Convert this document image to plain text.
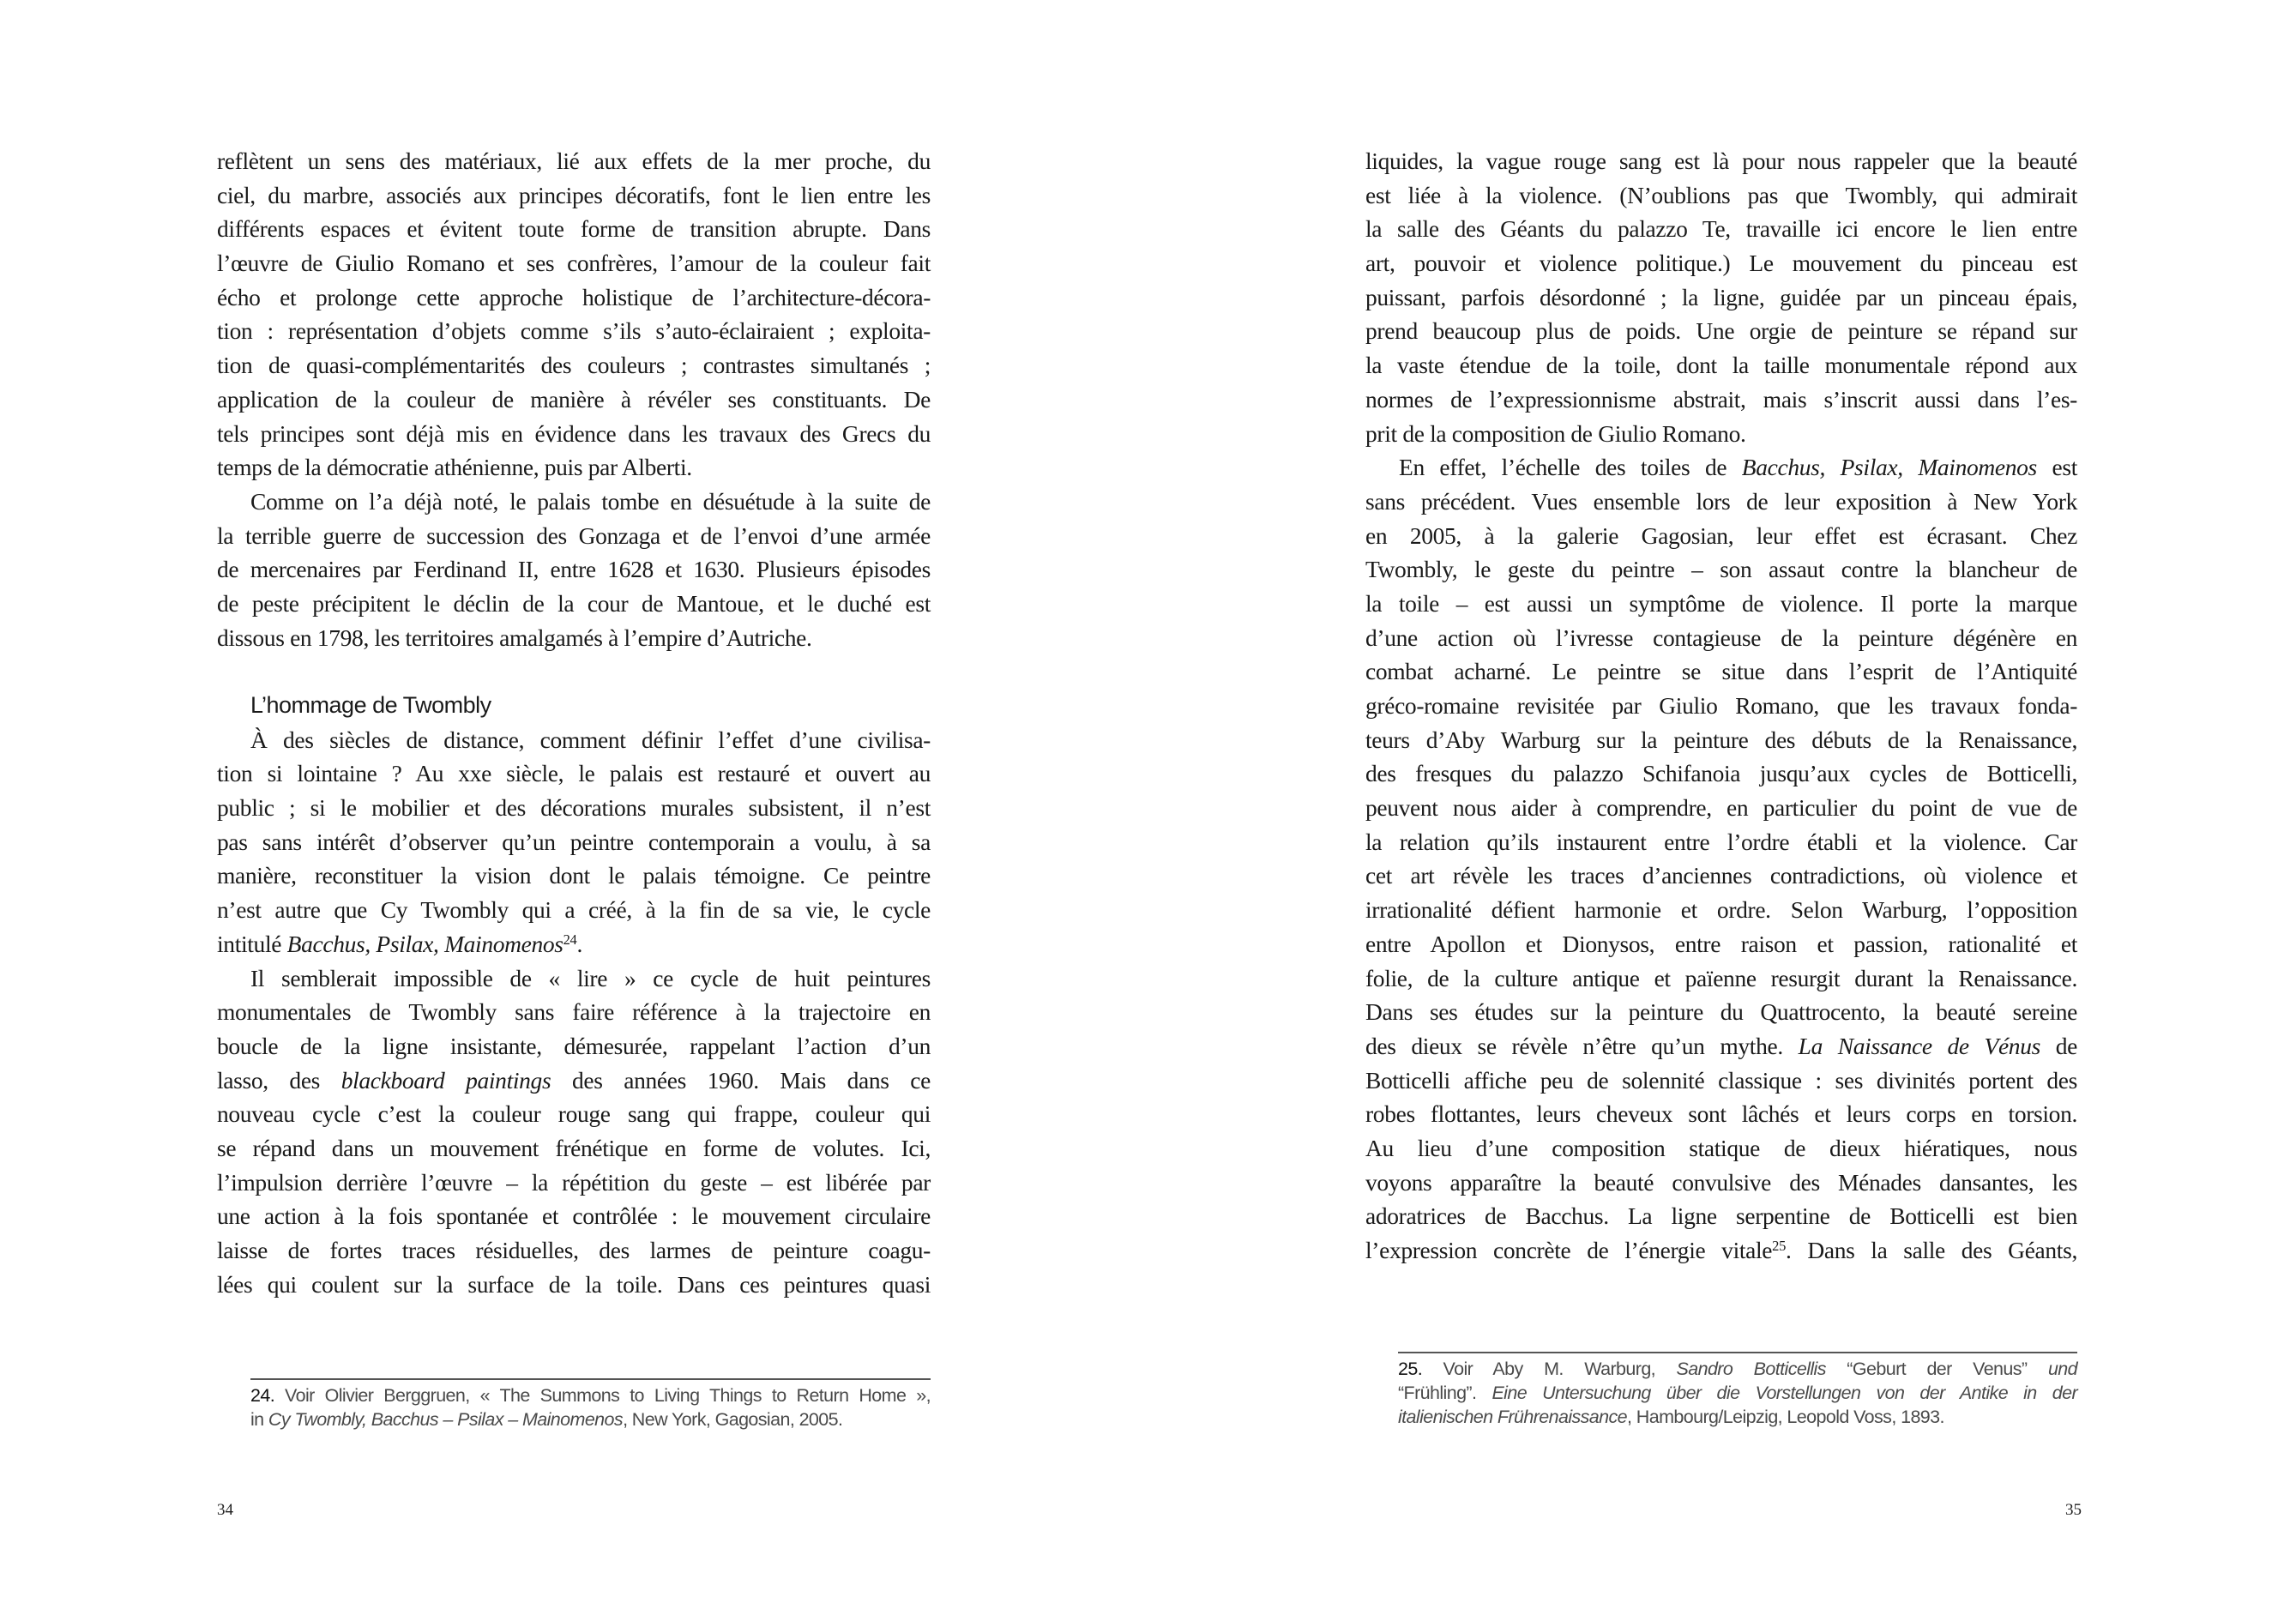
reflètent un sens des matériaux, lié aux effets de la mer proche, du
ciel, du marbre, associés aux principes décoratifs, font le lien entre les
différents espaces et évitent toute forme de transition abrupte. Dans
l’œuvre de Giulio Romano et ses confrères, l’amour de la couleur fait
écho et prolonge cette approche holistique de l’architecture-décora-
tion : représentation d’objets comme s’ils s’auto-éclairaient ; exploita-
tion de quasi-complémentarités des couleurs ; contrastes simultanés ;
application de la couleur de manière à révéler ses constituants. De
tels principes sont déjà mis en évidence dans les travaux des Grecs du
temps de la démocratie athénienne, puis par Alberti.
Comme on l’a déjà noté, le palais tombe en désuétude à la suite de
la terrible guerre de succession des Gonzaga et de l’envoi d’une armée
de mercenaires par Ferdinand II, entre 1628 et 1630. Plusieurs épisodes
de peste précipitent le déclin de la cour de Mantoue, et le duché est
dissous en 1798, les territoires amalgamés à l’empire d’Autriche.
L’hommage de Twombly
À des siècles de distance, comment définir l’effet d’une civilisa-
tion si lointaine ? Au xxe siècle, le palais est restauré et ouvert au
public ; si le mobilier et des décorations murales subsistent, il n’est
pas sans intérêt d’observer qu’un peintre contemporain a voulu, à sa
manière, reconstituer la vision dont le palais témoigne. Ce peintre
n’est autre que Cy Twombly qui a créé, à la fin de sa vie, le cycle
intitulé Bacchus, Psilax, Mainomenos$^{24}$.
Il semblerait impossible de « lire » ce cycle de huit peintures
monumentales de Twombly sans faire référence à la trajectoire en
boucle de la ligne insistante, démesurée, rappelant l’action d’un
lasso, des blackboard paintings des années 1960. Mais dans ce
nouveau cycle c’est la couleur rouge sang qui frappe, couleur qui
se répand dans un mouvement frénétique en forme de volutes. Ici,
l’impulsion derrière l’œuvre – la répétition du geste – est libérée par
une action à la fois spontanée et contrôlée : le mouvement circulaire
laisse de fortes traces résiduelles, des larmes de peinture coagu-
lées qui coulent sur la surface de la toile. Dans ces peintures quasi
24. Voir Olivier Berggruen, « The Summons to Living Things to Return Home »,
in Cy Twombly, Bacchus – Psilax – Mainomenos, New York, Gagosian, 2005.
34
liquides, la vague rouge sang est là pour nous rappeler que la beauté
est liée à la violence. (N’oublions pas que Twombly, qui admirait
la salle des Géants du palazzo Te, travaille ici encore le lien entre
art, pouvoir et violence politique.) Le mouvement du pinceau est
puissant, parfois désordonné ; la ligne, guidée par un pinceau épais,
prend beaucoup plus de poids. Une orgie de peinture se répand sur
la vaste étendue de la toile, dont la taille monumentale répond aux
normes de l’expressionnisme abstrait, mais s’inscrit aussi dans l’es-
prit de la composition de Giulio Romano.
En effet, l’échelle des toiles de Bacchus, Psilax, Mainomenos est
sans précédent. Vues ensemble lors de leur exposition à New York
en 2005, à la galerie Gagosian, leur effet est écrasant. Chez
Twombly, le geste du peintre – son assaut contre la blancheur de
la toile – est aussi un symptôme de violence. Il porte la marque
d’une action où l’ivresse contagieuse de la peinture dégénère en
combat acharné. Le peintre se situe dans l’esprit de l’Antiquité
gréco-romaine revisitée par Giulio Romano, que les travaux fonda-
teurs d’Aby Warburg sur la peinture des débuts de la Renaissance,
des fresques du palazzo Schifanoia jusqu’aux cycles de Botticelli,
peuvent nous aider à comprendre, en particulier du point de vue de
la relation qu’ils instaurent entre l’ordre établi et la violence. Car
cet art révèle les traces d’anciennes contradictions, où violence et
irrationalité défient harmonie et ordre. Selon Warburg, l’opposition
entre Apollon et Dionysos, entre raison et passion, rationalité et
folie, de la culture antique et païenne resurgit durant la Renaissance.
Dans ses études sur la peinture du Quattrocento, la beauté sereine
des dieux se révèle n’être qu’un mythe. La Naissance de Vénus de
Botticelli affiche peu de solennité classique : ses divinités portent des
robes flottantes, leurs cheveux sont lâchés et leurs corps en torsion.
Au lieu d’une composition statique de dieux hiératiques, nous
voyons apparaître la beauté convulsive des Ménades dansantes, les
adoratrices de Bacchus. La ligne serpentine de Botticelli est bien
l’expression concrète de l’énergie vitale$^{25}$. Dans la salle des Géants,
25. Voir Aby M. Warburg, Sandro Botticellis “Geburt der Venus” und
“Frühling”. Eine Untersuchung über die Vorstellungen von der Antike in der
italienischen Frührenaissance, Hambourg/Leipzig, Leopold Voss, 1893.
35
